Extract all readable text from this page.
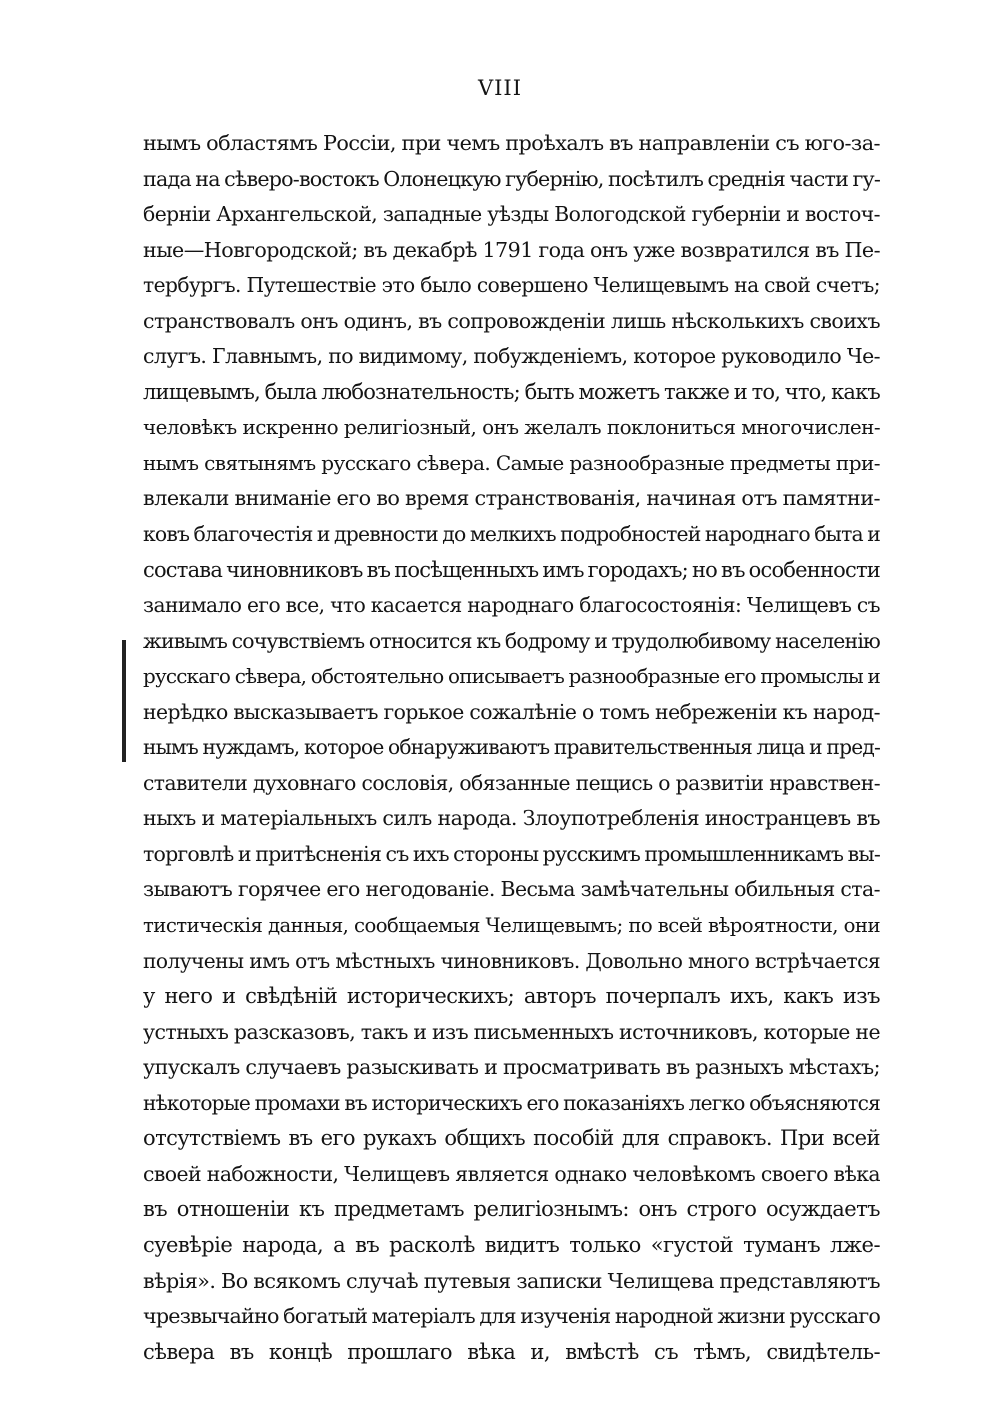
VIII
нымъ областямъ Россіи, при чемъ проѣхалъ въ направленіи съ юго-за-
пада на сѣверо-востокъ Олонецкую губернію, посѣтилъ среднія части гу-
берніи Архангельской, западные уѣзды Вологодской губерніи и восточ-
ные—Новгородской; въ декабрѣ 1791 года онъ уже возвратился въ Пе-
тербургъ. Путешествіе это было совершено Челищевымъ на свой счетъ;
странствовалъ онъ одинъ, въ сопровожденіи лишь нѣсколькихъ своихъ
слугъ. Главнымъ, по видимому, побужденіемъ, которое руководило Че-
лищевымъ, была любознательность; быть можетъ также и то, что, какъ
человѣкъ искренно религіозный, онъ желалъ поклониться многочислен-
нымъ святынямъ русскаго сѣвера. Самые разнообразные предметы при-
влекали вниманіе его во время странствованія, начиная отъ памятни-
ковъ благочестія и древности до мелкихъ подробностей народнаго быта и
состава чиновниковъ въ посѣщенныхъ имъ городахъ; но въ особенности
занимало его все, что касается народнаго благосостоянія: Челищевъ съ
живымъ сочувствіемъ относится къ бодрому и трудолюбивому населенію
русскаго сѣвера, обстоятельно описываетъ разнообразные его промыслы и
нерѣдко высказываетъ горькое сожалѣніе о томъ небреженіи къ народ-
нымъ нуждамъ, которое обнаруживаютъ правительственныя лица и пред-
ставители духовнаго сословія, обязанные пещись о развитіи нравствен-
ныхъ и матеріальныхъ силъ народа. Злоупотребленія иностранцевъ въ
торговлѣ и притѣсненія съ ихъ стороны русскимъ промышленникамъ вы-
зываютъ горячее его негодованіе. Весьма замѣчательны обильныя ста-
тистическія данныя, сообщаемыя Челищевымъ; по всей вѣроятности, они
получены имъ отъ мѣстныхъ чиновниковъ. Довольно много встрѣчается
у него и свѣдѣній историческихъ; авторъ почерпалъ ихъ, какъ изъ
устныхъ разсказовъ, такъ и изъ письменныхъ источниковъ, которые не
упускалъ случаевъ разыскивать и просматривать въ разныхъ мѣстахъ;
нѣкоторые промахи въ историческихъ его показаніяхъ легко объясняются
отсутствіемъ въ его рукахъ общихъ пособій для справокъ. При всей
своей набожности, Челищевъ является однако человѣкомъ своего вѣка
въ отношеніи къ предметамъ религіознымъ: онъ строго осуждаетъ
суевѣріе народа, а въ расколѣ видитъ только «густой туманъ лже-
вѣрія». Во всякомъ случаѣ путевыя записки Челищева представляютъ
чрезвычайно богатый матеріалъ для изученія народной жизни русскаго
сѣвера въ концѣ прошлаго вѣка и, вмѣстѣ съ тѣмъ, свидѣтель-
